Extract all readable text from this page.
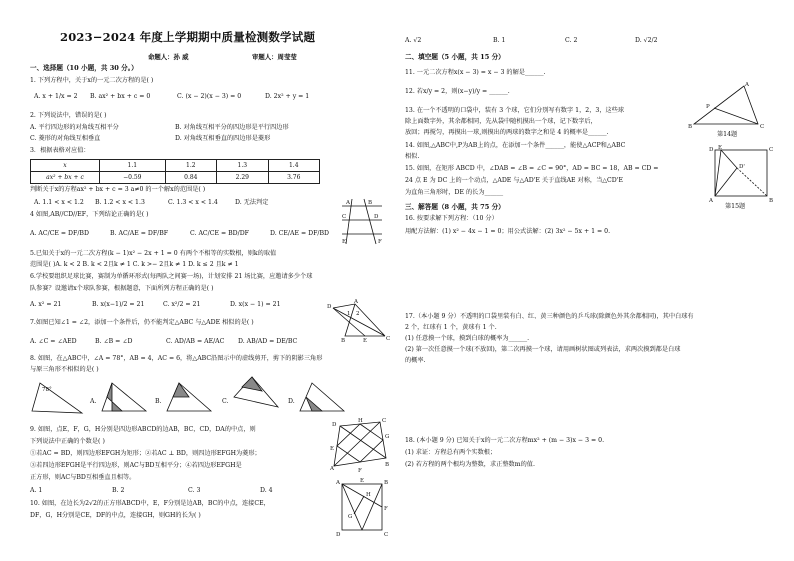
2023−2024 年度上学期期中质量检测数学试题
命题人：孙 威	审题人：周莹莹
一、选择题（10 小题，共 30 分。）
1. 下列方程中，关于x的一元二次方程的是( )
A. x + 1/x = 2 B. ax² + bx + c = 0	C. (x − 2)(x − 3) = 0	D. 2x² + y = 1
2. 下列说法中，错误的是( )
A. 平行四边形的对角线互相平分	B. 对角线互相平分的四边形是平行四边形
C. 菱形的对角线互相垂直	D. 对角线互相垂直的四边形是菱形
3．根据表格对应值：
x	1.1	1.2	1.3	1.4
ax² + bx + c	−0.59	0.84	2.29	3.76
判断关于x的方程ax² + bx + c = 3 a≠0 的一个解x的范围是( )
A. 1.1 < x < 1.2 B. 1.2 < x < 1.3	C. 1.3 < x < 1.4	D. 无法判定	A	B
C	D
E	F
4 如图,AB//CD//EF，下列结论正确的是( )
A. AC/CE = DF/BD	B. AC/AE = DF/BF	C. AC/CE = BD/DF	D. CE/AE = DF/BD
5.已知关于x的一元二次方程(k − 1)x² − 2x + 1 = 0 有两个不相等的实数根，则k的取值
范围是( )A. k < 2 B. k < 2且k ≠ 1 C. k >− 2且k ≠ 1 D. k ≤ 2 且k ≠ 1
6.学校要组织足球比赛，赛制为单循环形式(每两队之间赛一场)，计划安排 21 场比赛，应邀请多少个球
队参赛？设邀请x个球队参赛，根据题意，下面所列方程正确的是( )
A. x² = 21	B. x(x−1)/2 = 21	C. x²/2 = 21	D. x(x − 1) = 21	D
A
1 2
B	C
E
7.如图已知∠1 = ∠2，添加一个条件后，仍不能判定△ABC 与△ADE 相似的是( )
A. ∠C = ∠AED	B. ∠B = ∠D	C. AD/AB = AE/AC D. AB/AD = DE/BC
8. 如图，在△ABC中，∠A = 78°，AB = 4，AC = 6，将△ABC沿图示中的虚线剪开，剪下的阴影三角形
与原三角形不相似的是( )
78°
A.	B.	C.	D.
D
H
G
C
A
E
B
F
9. 如图，点E，F，G，H分别是四边形ABCD的边AB，BC，CD，DA的中点，则
下列说法中正确的个数是( )
①若AC = BD，则四边形EFGH为矩形；②若AC ⊥ BD，则四边形EFGH为菱形；
③若四边形EFGH是平行四边形，则AC与BD互相平分；④若四边形EFGH是
正方形，则AC与BD互相垂直且相等。
A. 1	B. 2	C. 3	D. 4
A	E	B
H
G
D
F
C
10. 如图，在边长为2√2的正方形ABCD中，E，F分别是边AB，BC的中点，连接CE，
DF，G，H分别是CE，DF的中点，连接GH，则GH的长为( )
A. √2	B. 1	C. 2	D. √2/2
二、填空题（5 小题，共 15 分）
11. 一元二次方程x(x − 3) = x − 3 的解是______.
12. 若x/y = 2，则(x−y)/y = ______.
13. 在一个不透明的口袋中，装有 3 个球，它们分别写有数字 1，2，3，这些球
除上面数字外，其余都相同，先从袋中随机摸出一个球，记下数字后，
放回；再搅匀，再摸出一球,则摸出的两球的数字之和是 4 的概率是______.
14. 如图,△ABC中,P为AB上的点，在添加一个条件______，能使△ACP和△ABC
相似.
15. 如图，在矩形 ABCD 中，∠DAB = ∠B = ∠C = 90°，AD = BC = 18，AB = CD =
24 点 E 为 DC 上的一个动点，△ADE 与△AD'E 关于直线AE 对称，当△CD'E
为直角三角形时，DE 的长为______
A
P
B	C
第14题
E
D	C
D'
A	B
第15题
三、解答题（8 小题，共 75 分）
16. 按要求解下列方程：（10 分）
用配方法解：(1) x² − 4x − 1 = 0；用公式法解：(2) 3x² − 5x + 1 = 0.
17.（本小题 9 分）不透明的口袋里装有白、红、黄三种颜色的乒乓球(除颜色外其余都相同)，其中白球有
2 个，红球有 1 个，黄球有 1 个.
(1) 任意摸一个球，摸到白球的概率为______.
(2) 第一次任意摸一个球(不放回)，第二次再摸一个球，请用画树状图或列表法，求两次摸到都是白球
的概率.
18. (本小题 9 分) 已知关于x的一元二次方程mx² + (m − 3)x − 3 = 0.
(1) 求证：方程总有两个实数根；
(2) 若方程的两个根均为整数，求正整数m的值.
